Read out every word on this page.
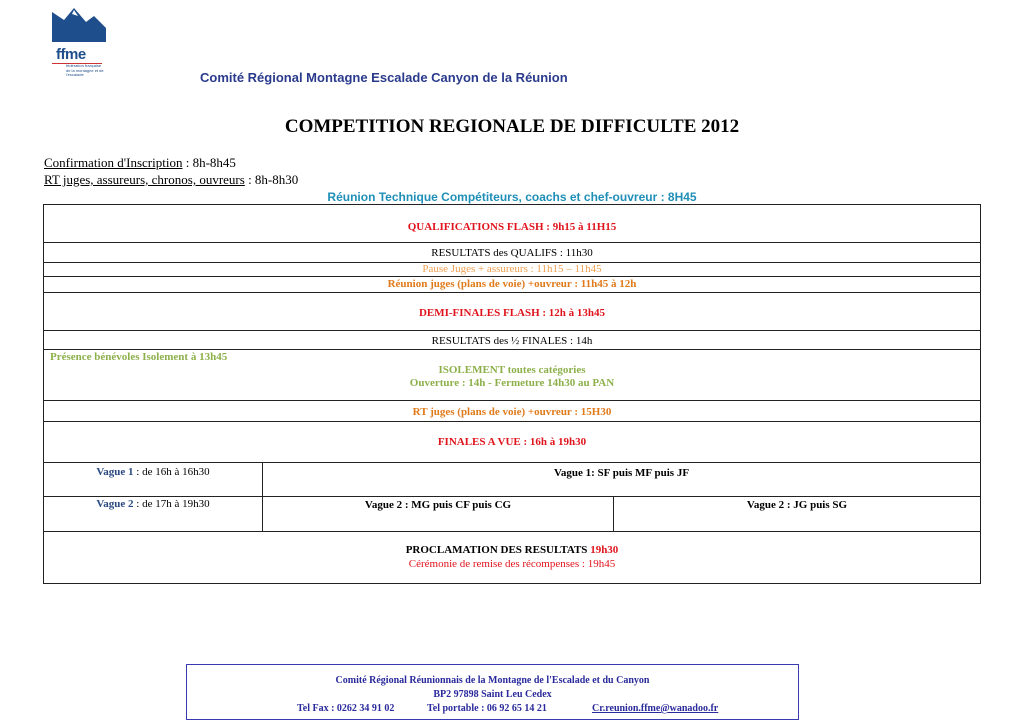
ffme
fédération française de la montagne et de l'escalade	Comité Régional Montagne Escalade Canyon de la Réunion
COMPETITION REGIONALE DE DIFFICULTE 2012
Confirmation d'Inscription : 8h-8h45
RT juges, assureurs, chronos, ouvreurs : 8h-8h30
Réunion Technique Compétiteurs, coachs et chef-ouvreur : 8H45
QUALIFICATIONS FLASH : 9h15 à 11H15
RESULTATS des QUALIFS : 11h30
Pause Juges + assureurs : 11h15 – 11h45
Réunion juges (plans de voie) +ouvreur : 11h45 à 12h
DEMI-FINALES FLASH : 12h à 13h45
RESULTATS des ½ FINALES : 14h
Présence bénévoles Isolement à 13h45
ISOLEMENT toutes catégories
Ouverture : 14h - Fermeture 14h30 au PAN
RT juges (plans de voie) +ouvreur : 15H30
FINALES A VUE : 16h à 19h30
Vague 1 : de 16h à 16h30	Vague 1: SF puis MF puis JF
Vague 2 : de 17h à 19h30	Vague 2 : MG puis CF puis CG	Vague 2 : JG puis SG
PROCLAMATION DES RESULTATS 19h30
Cérémonie de remise des récompenses : 19h45
Comité Régional Réunionnais de la Montagne de l'Escalade et du Canyon
BP2 97898 Saint Leu Cedex
Tel Fax : 0262 34 91 02	Tel portable : 06 92 65 14 21	Cr.reunion.ffme@wanadoo.fr
